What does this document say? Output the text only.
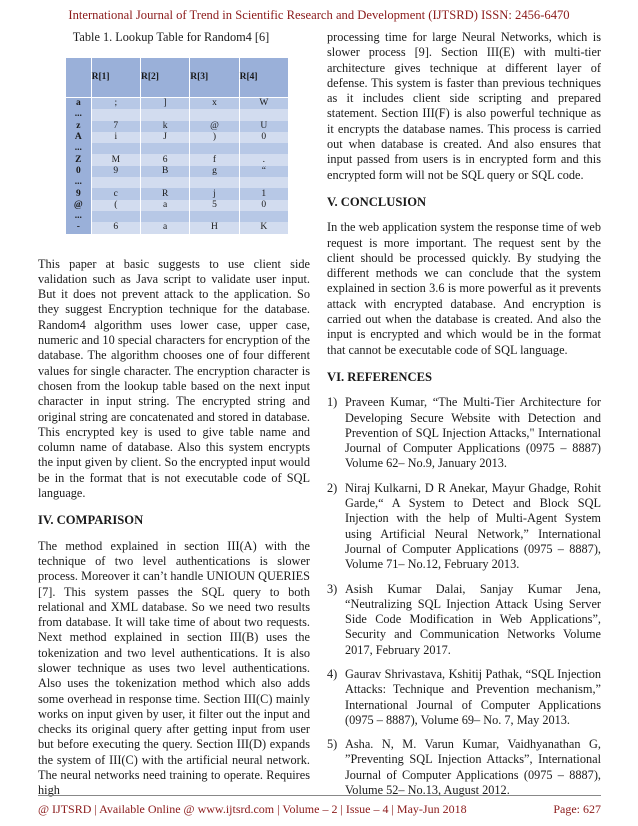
International Journal of Trend in Scientific Research and Development (IJTSRD) ISSN: 2456-6470
Table 1. Lookup Table for Random4 [6]
	R[1]	R[2]	R[3]	R[4]
a	;	]	x	W
...				
z	7	k	@	U
A	i	J	)	0
...				
Z	M	6	f	.
0	9	B	g	“
...				
9	c	R	j	1
@	(	a	5	0
...				
-	6	a	H	K

This paper at basic suggests to use client side validation such as Java script to validate user input. But it does not prevent attack to the application. So they suggest Encryption technique for the database. Random4 algorithm uses lower case, upper case, numeric and 10 special characters for encryption of the database. The algorithm chooses one of four different values for single character. The encryption character is chosen from the lookup table based on the next input character in input string. The encrypted string and original string are concatenated and stored in database. This encrypted key is used to give table name and column name of database. Also this system encrypts the input given by client. So the encrypted input would be in the format that is not executable code of SQL language.

IV. COMPARISON

The method explained in section III(A) with the technique of two level authentications is slower process. Moreover it can’t handle UNIOUN QUERIES [7]. This system passes the SQL query to both relational and XML database. So we need two results from database. It will take time of about two requests. Next method explained in section III(B) uses the tokenization and two level authentications. It is also slower technique as uses two level authentications. Also uses the tokenization method which also adds some overhead in response time. Section III(C) mainly works on input given by user, it filter out the input and checks its original query after getting input from user but before executing the query. Section III(D) expands the system of III(C) with the artificial neural network. The neural networks need training to operate. Requires high

processing time for large Neural Networks, which is slower process [9]. Section III(E) with multi-tier architecture gives technique at different layer of defense. This system is faster than previous techniques as it includes client side scripting and prepared statement. Section III(F) is also powerful technique as it encrypts the database names. This process is carried out when database is created. And also ensures that input passed from users is in encrypted form and this encrypted form will not be SQL query or SQL code.

V. CONCLUSION

In the web application system the response time of web request is more important. The request sent by the client should be processed quickly. By studying the different methods we can conclude that the system explained in section 3.6 is more powerful as it prevents attack with encrypted database. And encryption is carried out when the database is created. And also the input is encrypted and which would be in the format that cannot be executable code of SQL language.

VI. REFERENCES
1) Praveen Kumar, “The Multi-Tier Architecture for Developing Secure Website with Detection and Prevention of SQL Injection Attacks," International Journal of Computer Applications (0975 – 8887) Volume 62– No.9, January 2013.
2) Niraj Kulkarni, D R Anekar, Mayur Ghadge, Rohit Garde,“ A System to Detect and Block SQL Injection with the help of Multi-Agent System using Artificial Neural Network,” International Journal of Computer Applications (0975 – 8887), Volume 71– No.12, February 2013.
3) Asish Kumar Dalai, Sanjay Kumar Jena, “Neutralizing SQL Injection Attack Using Server Side Code Modification in Web Applications”, Security and Communication Networks Volume 2017, February 2017.
4) Gaurav Shrivastava, Kshitij Pathak, “SQL Injection Attacks: Technique and Prevention mechanism,” International Journal of Computer Applications (0975 – 8887), Volume 69– No. 7, May 2013.
5) Asha. N, M. Varun Kumar, Vaidhyanathan G, ”Preventing SQL Injection Attacks”, International Journal of Computer Applications (0975 – 8887), Volume 52– No.13, August 2012.
@ IJTSRD | Available Online @ www.ijtsrd.com | Volume – 2 | Issue – 4 | May-Jun 2018	Page: 627
